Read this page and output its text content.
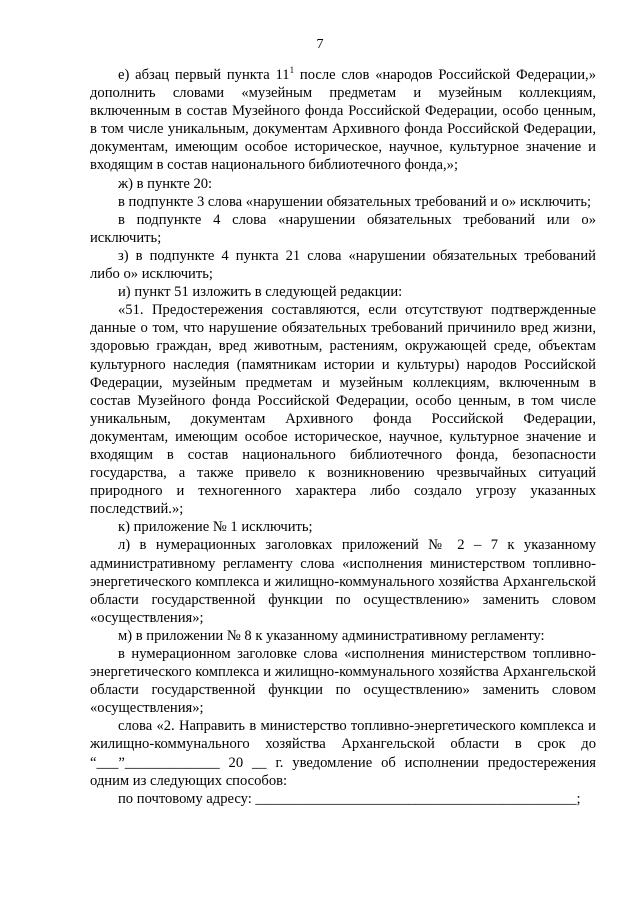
7

е) абзац первый пункта $11^1$ после слов «народов Российской Федерации,» дополнить словами «музейным предметам и музейным коллекциям, включенным в состав Музейного фонда Российской Федерации, особо ценным, в том числе уникальным, документам Архивного фонда Российской Федерации, документам, имеющим особое историческое, научное, культурное значение и входящим в состав национального библиотечного фонда,»;

ж) в пункте 20:

в подпункте 3 слова «нарушении обязательных требований и о» исключить;

в подпункте 4 слова «нарушении обязательных требований или о» исключить;

з) в подпункте 4 пункта 21 слова «нарушении обязательных требований либо о» исключить;

и) пункт 51 изложить в следующей редакции:

«51. Предостережения составляются, если отсутствуют подтвержденные данные о том, что нарушение обязательных требований причинило вред жизни, здоровью граждан, вред животным, растениям, окружающей среде, объектам культурного наследия (памятникам истории и культуры) народов Российской Федерации, музейным предметам и музейным коллекциям, включенным в состав Музейного фонда Российской Федерации, особо ценным, в том числе уникальным, документам Архивного фонда Российской Федерации, документам, имеющим особое историческое, научное, культурное значение и входящим в состав национального библиотечного фонда, безопасности государства, а также привело к возникновению чрезвычайных ситуаций природного и техногенного характера либо создало угрозу указанных последствий.»;

к) приложение № 1 исключить;

л) в нумерационных заголовках приложений № 2 – 7 к указанному административному регламенту слова «исполнения министерством топливно-энергетического комплекса и жилищно-коммунального хозяйства Архангельской области государственной функции по осуществлению» заменить словом «осуществления»;

м) в приложении № 8 к указанному административному регламенту:

в нумерационном заголовке слова «исполнения министерством топливно-энергетического комплекса и жилищно-коммунального хозяйства Архангельской области государственной функции по осуществлению» заменить словом «осуществления»;

слова «2. Направить в министерство топливно-энергетического комплекса и жилищно-коммунального хозяйства Архангельской области в срок до “___”_____________ 20 __ г. уведомление об исполнении предостережения одним из следующих способов:

по почтовому адресу: ____________________________________________;
